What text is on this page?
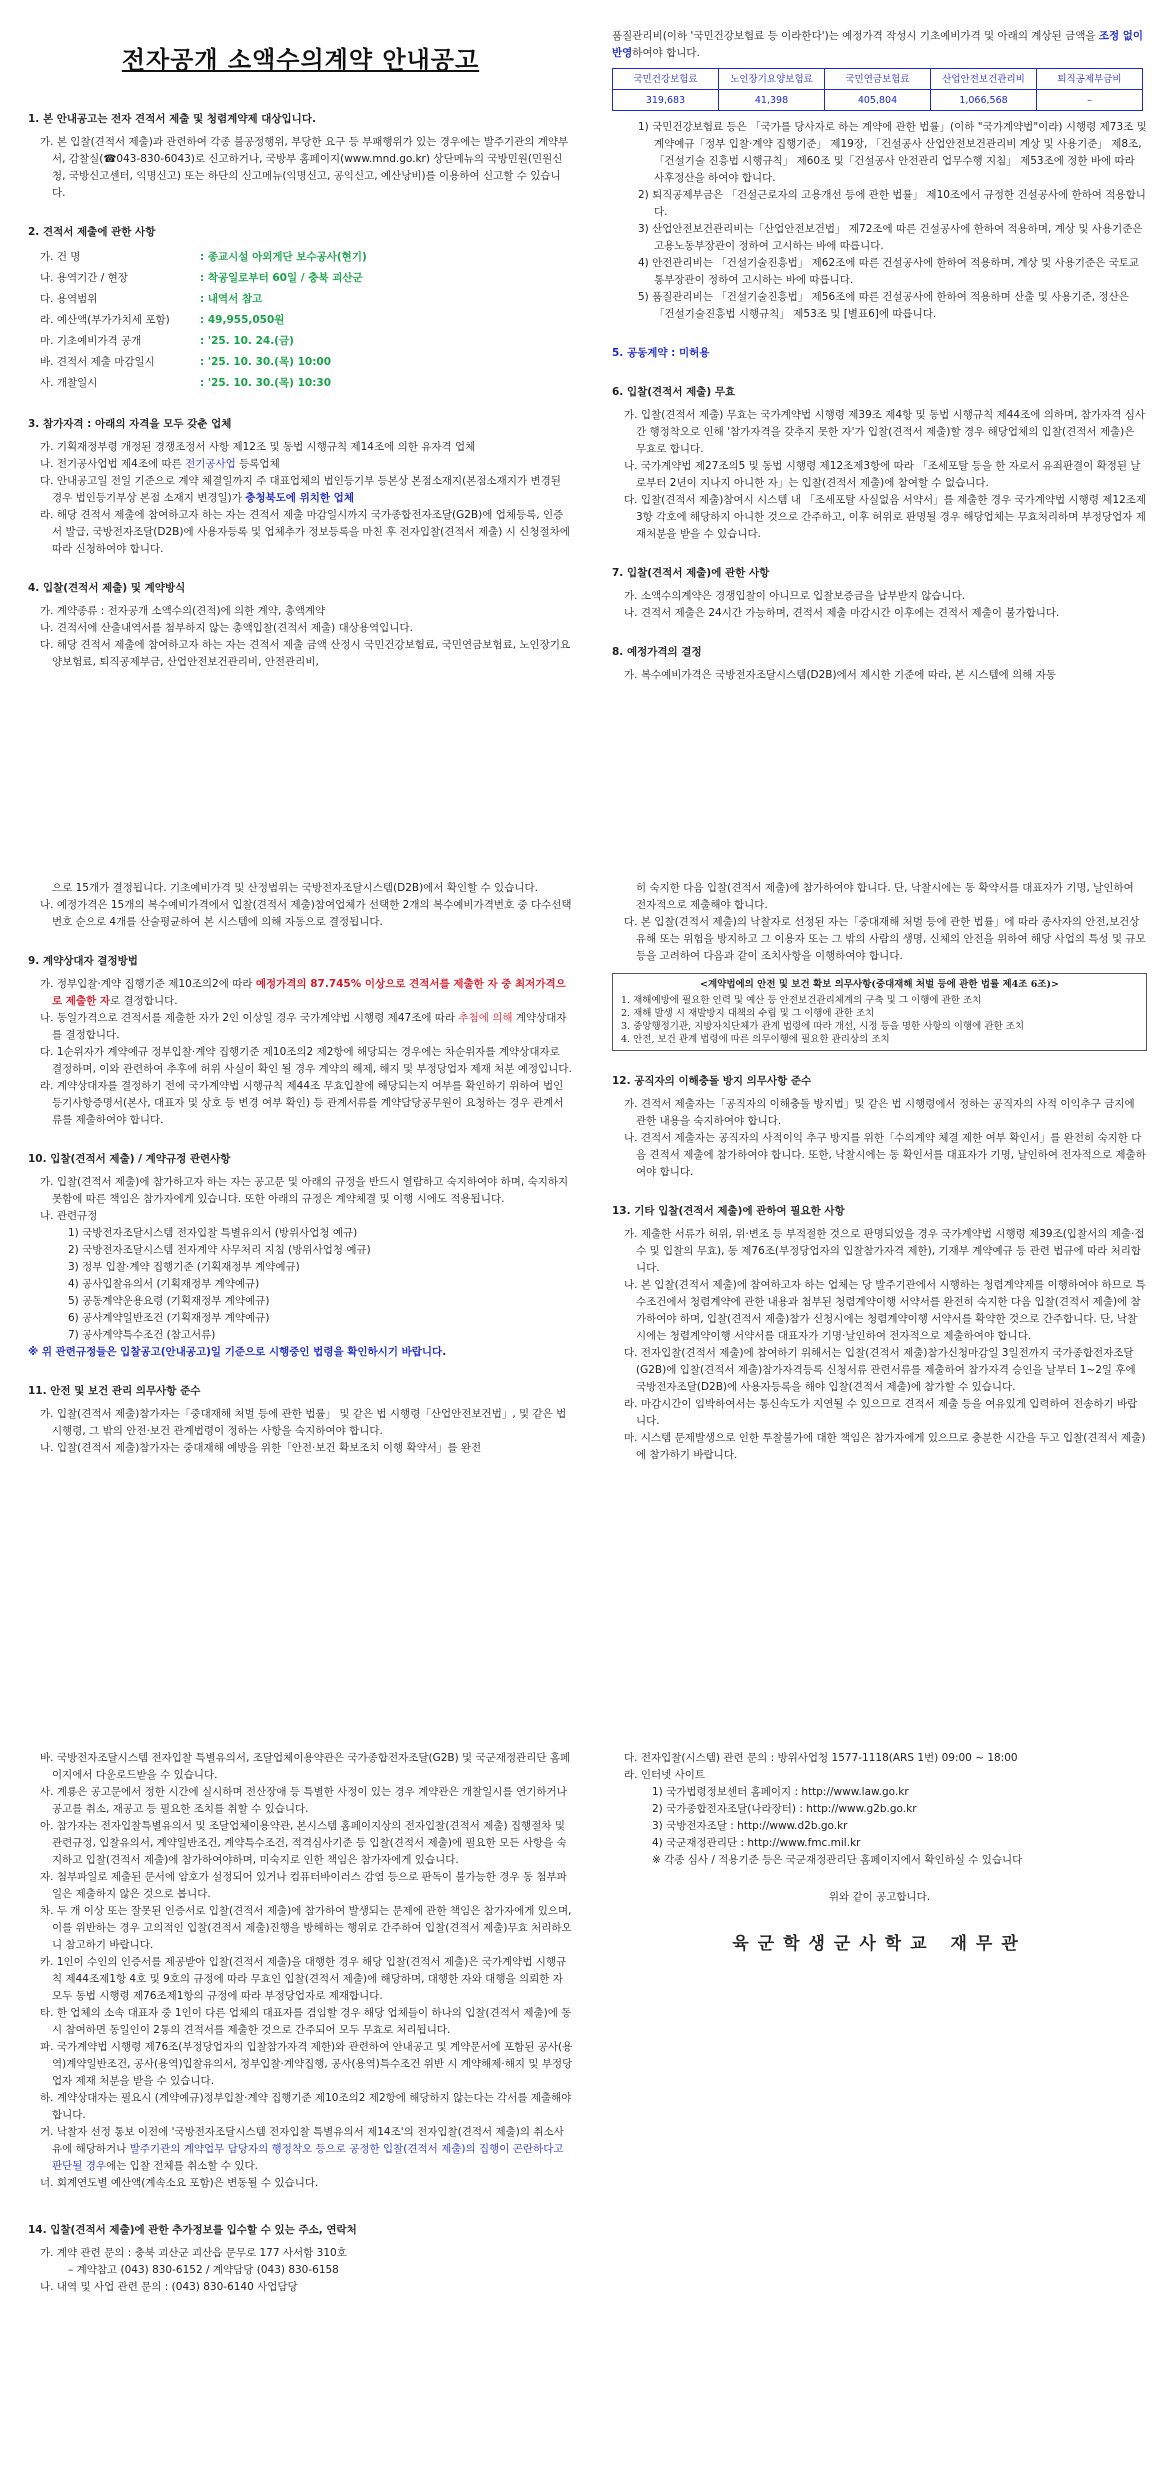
전자공개 소액수의계약 안내공고
1. 본 안내공고는 전자 견적서 제출 및 청렴계약제 대상입니다.

가. 본 입찰(견적서 제출)과 관련하여 각종 불공정행위, 부당한 요구 등 부패행위가 있는 경우에는 발주기관의 계약부서, 감찰실(☎043-830-6043)로 신고하거나, 국방부 홈페이지(www.mnd.go.kr) 상단메뉴의 국방민원(민원신청, 국방신고센터, 익명신고) 또는 하단의 신고메뉴(익명신고, 공익신고, 예산낭비)를 이용하여 신고할 수 있습니다.

2. 견적서 제출에 관한 사항
가. 건 명	: 종교시설 아외게단 보수공사(현기)
나. 용역기간 / 현장	: 착공일로부터 60일 / 충북 괴산군
다. 용역범위	: 내역서 참고
라. 예산액(부가가치세 포함)	: 49,955,050원
마. 기초예비가격 공개	: '25. 10. 24.(금)
바. 견적서 제출 마감일시	: '25. 10. 30.(목) 10:00
사. 개찰일시	: '25. 10. 30.(목) 10:30
3. 참가자격 : 아래의 자격을 모두 갖춘 업체

가. 기획재정부령 개정된 경쟁조정서 사항 제12조 및 동법 시행규칙 제14조에 의한 유자격 업체

나. 전기공사업법 제4조에 따른 전기공사업 등록업체

다. 안내공고일 전일 기준으로 계약 체결일까지 주 대표업체의 법인등기부 등본상 본점소재지(본점소재지가 변경된 경우 법인등기부상 본점 소재지 변경일)가 충청북도에 위치한 업체

라. 해당 견적서 제출에 참여하고자 하는 자는 견적서 제출 마감일시까지 국가종합전자조달(G2B)에 업체등록, 인증서 발급, 국방전자조달(D2B)에 사용자등록 및 업체추가 정보등록을 마친 후 전자입찰(견적서 제출) 시 신청절차에 따라 신청하여야 합니다.

4. 입찰(견적서 제출) 및 계약방식

가. 계약종류 : 전자공개 소액수의(견적)에 의한 계약, 총액계약

나. 견적서에 산출내역서를 첨부하지 않는 총액입찰(견적서 제출) 대상용역입니다.

다. 해당 견적서 제출에 참여하고자 하는 자는 견적서 제출 금액 산정시 국민건강보험료, 국민연금보험료, 노인장기요양보험료, 퇴직공제부금, 산업안전보건관리비, 안전관리비,

품질관리비(이하 '국민건강보험료 등 이라한다')는 예정가격 작성시 기초예비가격 및 아래의 계상된 금액을 조정 없이 반영하여야 합니다.

국민건강보험료	노인장기요양보험료	국민연금보험료	산업안전보건관리비	퇴직공제부금비
319,683	41,398	405,804	1,066,568	–

1) 국민건강보험료 등은 「국가를 당사자로 하는 계약에 관한 법률」(이하 "국가계약법"이라) 시행령 제73조 및 계약예규「정부 입찰·계약 집행기준」 제19장, 「건설공사 산업안전보건관리비 계상 및 사용기준」 제8조, 「건설기술 진흥법 시행규칙」 제60조 및「건설공사 안전관리 업무수행 지침」 제53조에 정한 바에 따라 사후정산을 하여야 합니다.

2) 퇴직공제부금은 「건설근로자의 고용개선 등에 관한 법률」 제10조에서 규정한 건설공사에 한하여 적용합니다.

3) 산업안전보건관리비는「산업안전보건법」 제72조에 따른 건설공사에 한하여 적용하며, 계상 및 사용기준은 고용노동부장관이 정하여 고시하는 바에 따릅니다.

4) 안전관리비는 「건설기술진흥법」 제62조에 따른 건설공사에 한하여 적용하며, 계상 및 사용기준은 국토교통부장관이 정하여 고시하는 바에 따릅니다.

5) 품질관리비는 「건설기술진흥법」 제56조에 따른 건설공사에 한하여 적용하며 산출 및 사용기준, 정산은 「건설기술진흥법 시행규칙」 제53조 및 [별표6]에 따릅니다.

5. 공동계약 : 미허용
6. 입찰(견적서 제출) 무효

가. 입찰(견적서 제출) 무효는 국가계약법 시행령 제39조 제4항 및 동법 시행규칙 제44조에 의하며, 참가자격 심사 간 행정착오로 인해 '참가자격을 갖추지 못한 자'가 입찰(견적서 제출)할 경우 해당업체의 입찰(견적서 제출)은 무효로 합니다.

나. 국가계약법 제27조의5 및 동법 시행령 제12조제3항에 따라 「조세포탈 등을 한 자로서 유죄판결이 확정된 날로부터 2년이 지나지 아니한 자」는 입찰(견적서 제출)에 참여할 수 없습니다.

다. 입찰(견적서 제출)참여시 시스템 내 「조세포탈 사실없음 서약서」를 제출한 경우 국가계약법 시행령 제12조제3항 각호에 해당하지 아니한 것으로 간주하고, 이후 허위로 판명될 경우 해당업체는 무효처리하며 부정당업자 제재처분을 받을 수 있습니다.

7. 입찰(견적서 제출)에 관한 사항

가. 소액수의계약은 경쟁입찰이 아니므로 입찰보증금을 납부받지 않습니다.

나. 견적서 제출은 24시간 가능하며, 견적서 제출 마감시간 이후에는 견적서 제출이 불가합니다.

8. 예정가격의 결정

가. 복수예비가격은 국방전자조달시스템(D2B)에서 제시한 기준에 따라, 본 시스템에 의해 자동

으로 15개가 결정됩니다. 기초예비가격 및 산정범위는 국방전자조달시스템(D2B)에서 확인할 수 있습니다.

나. 예정가격은 15개의 복수예비가격에서 입찰(견적서 제출)참여업체가 선택한 2개의 복수예비가격번호 중 다수선택 번호 순으로 4개를 산술평균하여 본 시스템에 의해 자동으로 결정됩니다.

9. 계약상대자 결정방법

가. 정부입찰·계약 집행기준 제10조의2에 따라 예정가격의 87.745% 이상으로 견적서를 제출한 자 중 최저가격으로 제출한 자로 결정합니다.

나. 동일가격으로 견적서를 제출한 자가 2인 이상일 경우 국가계약법 시행령 제47조에 따라 추첨에 의해 계약상대자를 결정합니다.

다. 1순위자가 계약예규 정부입찰·계약 집행기준 제10조의2 제2항에 해당되는 경우에는 차순위자를 계약상대자로 결정하며, 이와 관련하여 추후에 허위 사실이 확인 될 경우 계약의 해제, 해지 및 부정당업자 제재 처분 예정입니다.

라. 계약상대자를 결정하기 전에 국가계약법 시행규칙 제44조 무효입찰에 해당되는지 여부를 확인하기 위하여 법인등기사항증명서(본사, 대표자 및 상호 등 변경 여부 확인) 등 관계서류를 계약담당공무원이 요청하는 경우 관계서류를 제출하여야 합니다.

10. 입찰(견적서 제출) / 계약규정 관련사항

가. 입찰(견적서 제출)에 참가하고자 하는 자는 공고문 및 아래의 규정을 반드시 열람하고 숙지하여야 하며, 숙지하지 못함에 따른 책임은 참가자에게 있습니다. 또한 아래의 규정은 계약체결 및 이행 시에도 적용됩니다.

나. 관련규정

1) 국방전자조달시스템 전자입찰 특별유의서 (방위사업청 예규)

2) 국방전자조달시스템 전자계약 사무처리 지침 (방위사업청 예규)

3) 정부 입찰·계약 집행기준 (기획재정부 계약예규)

4) 공사입찰유의서 (기획재정부 계약예규)

5) 공동계약운용요령 (기획재정부 계약예규)

6) 공사계약일반조건 (기획재정부 계약예규)

7) 공사계약특수조건 (참고서류)

※ 위 관련규정들은 입찰공고(안내공고)일 기준으로 시행중인 법령을 확인하시기 바랍니다.

11. 안전 및 보건 관리 의무사항 준수

가. 입찰(견적서 제출)참가자는「중대재해 처벌 등에 관한 법률」 및 같은 법 시행령「산업안전보건법」, 및 같은 법 시행령, 그 밖의 안전·보건 관계법령이 정하는 사항을 숙지하여야 합니다.

나. 입찰(견적서 제출)참가자는 중대재해 예방을 위한「안전·보건 확보조치 이행 확약서」를 완전

히 숙지한 다음 입찰(견적서 제출)에 참가하여야 합니다. 단, 낙찰시에는 동 확약서를 대표자가 기명, 날인하여 전자적으로 제출해야 합니다.

다. 본 입찰(견적서 제출)의 낙찰자로 선정된 자는「중대재해 처벌 등에 관한 법률」에 따라 종사자의 안전,보건상 유해 또는 위험을 방지하고 그 이용자 또는 그 밖의 사람의 생명, 신체의 안전을 위하여 해당 사업의 특성 및 규모등을 고려하여 다음과 같이 조치사항을 이행하여야 합니다.

<계약법에의 안전 및 보건 확보 의무사항(중대재해 처벌 등에 관한 법률 제4조 6조)>

1. 재해예방에 필요한 인력 및 예산 등 안전보건관리체계의 구축 및 그 이행에 관한 조치

2. 재해 발생 시 재발방지 대책의 수립 및 그 이행에 관한 조치

3. 중앙행정기관, 지방자치단체가 관계 법령에 따라 개선, 시정 등을 명한 사항의 이행에 관한 조치

4. 안전, 보건 관계 법령에 따른 의무이행에 필요한 관리상의 조치

12. 공직자의 이해충돌 방지 의무사항 준수

가. 견적서 제출자는「공직자의 이해충돌 방지법」및 같은 법 시행령에서 정하는 공직자의 사적 이익추구 금지에 관한 내용을 숙지하여야 합니다.

나. 견적서 제출자는 공직자의 사적이익 추구 방지를 위한「수의계약 체결 제한 여부 확인서」를 완전히 숙지한 다음 견적서 제출에 참가하여야 합니다. 또한, 낙찰시에는 동 확인서를 대표자가 기명, 날인하여 전자적으로 제출하여야 합니다.

13. 기타 입찰(견적서 제출)에 관하여 필요한 사항

가. 제출한 서류가 허위, 위·변조 등 부적절한 것으로 판명되었을 경우 국가계약법 시행령 제39조(입찰서의 제출·접수 및 입찰의 무효), 동 제76조(부정당업자의 입찰참가자격 제한), 기재부 계약예규 등 관련 법규에 따라 처리합니다.

나. 본 입찰(견적서 제출)에 참여하고자 하는 업체는 당 발주기관에서 시행하는 청렴계약제를 이행하여야 하므로 특수조건에서 청렴계약에 관한 내용과 첨부된 청렴계약이행 서약서를 완전히 숙지한 다음 입찰(견적서 제출)에 참가하여야 하며, 입찰(견적서 제출)참가 신청시에는 청렴계약이행 서약서를 확약한 것으로 간주합니다. 단, 낙찰시에는 청렴계약이행 서약서를 대표자가 기명·날인하여 전자적으로 제출하여야 합니다.

다. 전자입찰(견적서 제출)에 참여하기 위해서는 입찰(견적서 제출)참가신청마감일 3일전까지 국가종합전자조달(G2B)에 입찰(견적서 제출)참가자격등록 신청서류 관련서류를 제출하여 참가자격 승인을 날부터 1~2일 후에 국방전자조달(D2B)에 사용자등록을 해야 입찰(견적서 제출)에 참가할 수 있습니다.

라. 마감시간이 임박하여서는 통신속도가 지연될 수 있으므로 견적서 제출 등을 여유있게 입력하여 전송하기 바랍니다.

마. 시스템 문제발생으로 인한 투찰불가에 대한 책임은 참가자에게 있으므로 충분한 시간을 두고 입찰(견적서 제출)에 참가하기 바랍니다.

바. 국방전자조달시스템 전자입찰 특별유의서, 조달업체이용약관은 국가종합전자조달(G2B) 및 국군재정관리단 홈페이지에서 다운로드받을 수 있습니다.

사. 계룡은 공고문에서 정한 시간에 실시하며 전산장애 등 특별한 사정이 있는 경우 계약관은 개찰일시를 연기하거나 공고를 취소, 재공고 등 필요한 조치를 취할 수 있습니다.

아. 참가자는 전자입찰특별유의서 및 조달업체이용약관, 본시스템 홈페이지상의 전자입찰(견적서 제출) 집행절차 및 관련규정, 입찰유의서, 계약일반조건, 계약특수조건, 적격심사기준 등 입찰(견적서 제출)에 필요한 모든 사항을 숙지하고 입찰(견적서 제출)에 참가하여야하며, 미숙지로 인한 책임은 참가자에게 있습니다.

자. 첨부파일로 제출된 문서에 암호가 설정되어 있거나 컴퓨터바이러스 감염 등으로 판독이 불가능한 경우 동 첨부파일은 제출하지 않은 것으로 봅니다.

차. 두 개 이상 또는 잘못된 인증서로 입찰(견적서 제출)에 참가하여 발생되는 문제에 관한 책임은 참가자에게 있으며, 이를 위반하는 경우 고의적인 입찰(견적서 제출)진행을 방해하는 행위로 간주하여 입찰(견적서 제출)무효 처리하오니 참고하기 바랍니다.

카. 1인이 수인의 인증서를 제공받아 입찰(견적서 제출)을 대행한 경우 해당 입찰(견적서 제출)은 국가계약법 시행규칙 제44조제1항 4호 및 9호의 규정에 따라 무효인 입찰(견적서 제출)에 해당하며, 대행한 자와 대행을 의뢰한 자 모두 동법 시행령 제76조제1항의 규정에 따라 부정당업자로 제재합니다.

타. 한 업체의 소속 대표자 중 1인이 다른 업체의 대표자를 겸임할 경우 해당 업체들이 하나의 입찰(견적서 제출)에 동시 참여하면 동일인이 2통의 견적서를 제출한 것으로 간주되어 모두 무효로 처리됩니다.

파. 국가계약법 시행령 제76조(부정당업자의 입찰참가자격 제한)와 관련하여 안내공고 및 계약문서에 포함된 공사(용역)계약일반조건, 공사(용역)입찰유의서, 정부입찰·계약집행, 공사(용역)특수조건 위반 시 계약해제·해지 및 부정당업자 제재 처분을 받을 수 있습니다.

하. 계약상대자는 필요시 (계약예규)정부입찰·계약 집행기준 제10조의2 제2항에 해당하지 않는다는 각서를 제출해야합니다.

거. 낙찰자 선정 통보 이전에 '국방전자조달시스템 전자입찰 특별유의서 제14조'의 전자입찰(견적서 제출)의 취소사유에 해당하거나 발주기관의 계약업무 담당자의 행정착오 등으로 공정한 입찰(견적서 제출)의 집행이 곤란하다고 판단될 경우에는 입찰 전체를 취소할 수 있다.

너. 회계연도별 예산액(계속소요 포함)은 변동될 수 있습니다.

14. 입찰(견적서 제출)에 관한 추가정보를 입수할 수 있는 주소, 연락처

가. 계약 관련 문의 : 충북 괴산군 괴산읍 문무로 177 사서함 310호

– 계약참고 (043) 830-6152 / 계약담당 (043) 830-6158

나. 내역 및 사업 관련 문의 : (043) 830-6140 사업담당

다. 전자입찰(시스템) 관련 문의 : 방위사업청 1577-1118(ARS 1번) 09:00 ~ 18:00

라. 인터넷 사이트

1) 국가법령정보센터 홈페이지 : http://www.law.go.kr

2) 국가종합전자조달(나라장터) : http://www.g2b.go.kr

3) 국방전자조달 : http://www.d2b.go.kr

4) 국군재정관리단 : http://www.fmc.mil.kr

※ 각종 심사 / 적용기준 등은 국군재정관리단 홈페이지에서 확인하실 수 있습니다

위와 같이 공고합니다.

육군학생군사학교 재무관
